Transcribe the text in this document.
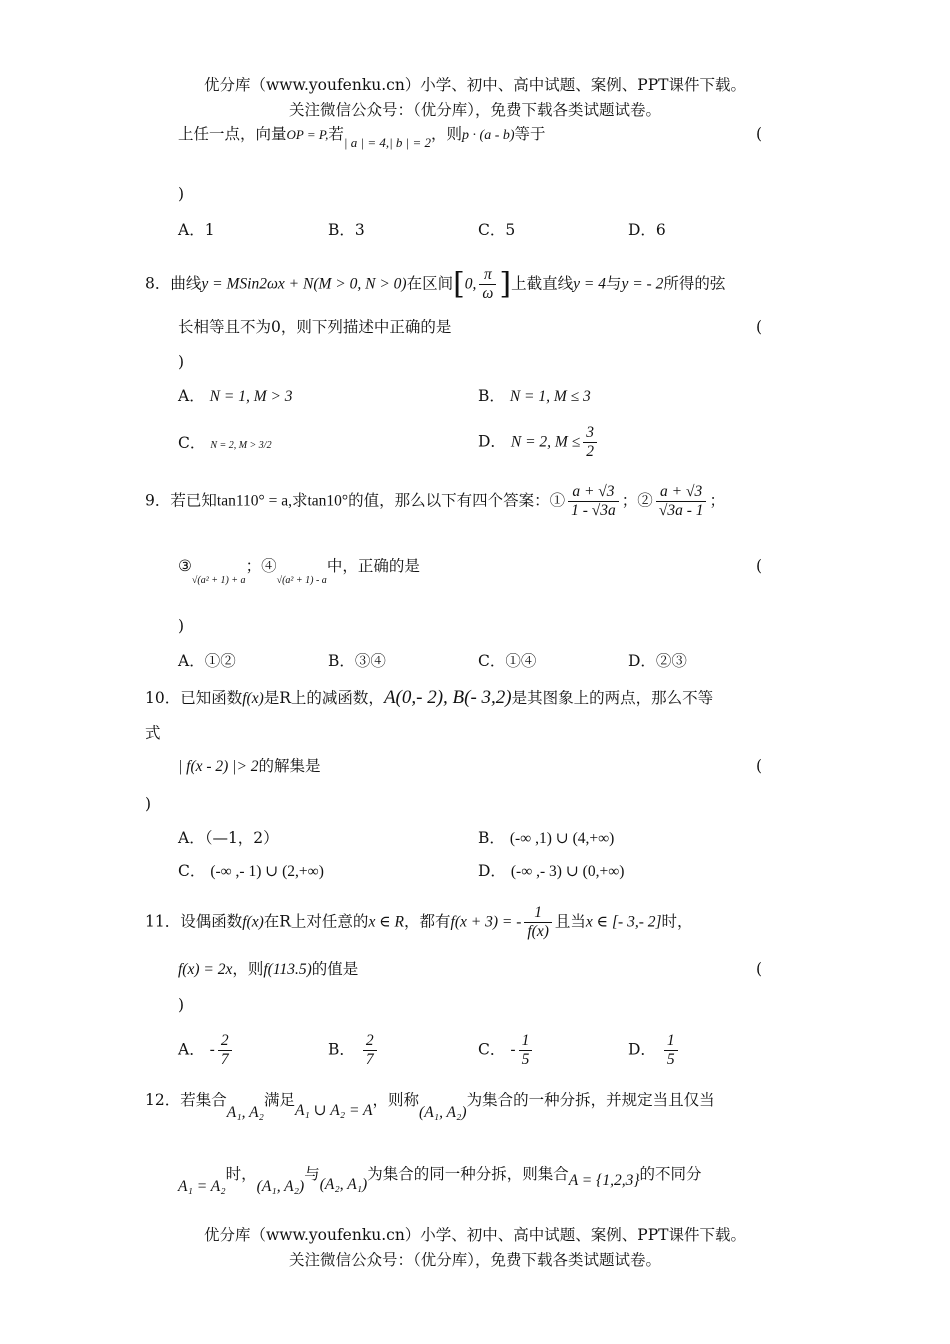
优分库（www.youfenku.cn）小学、初中、高中试题、案例、PPT课件下载。
关注微信公众号：（优分库），免费下载各类试题试卷。
上任一点，向量OP = P,若$_{| a | = 4,| b | = 2}$，则p · (a - b)等于	(
)
A．1	B．3	C．5	D．6
8．曲线y = MSin2ωx + N(M > 0, N > 0)在区间[0, $\frac{\pi}{\omega}$ ]上截直线y = 4与y = - 2所得的弦
长相等且不为0，则下列描述中正确的是	(
)
A． N = 1, M > 3	B． N = 1, M ≤ 3
C． N = 2, M > 3/2	D． N = 2, $M \le \frac{3}{2}$
9．若已知tan110° = a,求tan10°的值，那么以下有四个答案：① $\frac{a + √3}{1 - √3a}$ ；② $\frac{a + √3}{√3a - 1}$ ；
$③_{√(a^2 + 1) + a}$；$④_{√(a^2 + 1) - a}$中，正确的是	(
)
A．①②	B．③④	C．①④	D．②③
10．已知函数f(x)是R上的减函数，A(0,- 2), B(- 3,2)是其图象上的两点，那么不等
式
| f(x - 2) |> 2的解集是	(
)
A．（—1，2）	B． (-∞ ,1) ∪ (4,+∞)
C． (-∞ ,- 1) ∪ (2,+∞)	D． (-∞ ,- 3) ∪ (0,+∞)
11．设偶函数f(x)在R上对任意的x ∈ R，都有f(x + 3) = - $\frac{1}{f(x)}$ 且当x ∈ [- 3,- 2]时，
f(x) = 2x，则f(113.5)的值是	(
)
A． - $\frac{2}{7}$	B． $\frac{2}{7}$	C． - $\frac{1}{5}$	D． $\frac{1}{5}$
12．若集合A₁, A₂满足A₁ ∪ A₂ = A，则称(A₁, A₂)为集合的一种分拆，并规定当且仅当
A₁ = A₂时，(A₁, A₂)与(A₂, A₁)为集合的同一种分拆，则集合A = {1,2,3}的不同分
优分库（www.youfenku.cn）小学、初中、高中试题、案例、PPT课件下载。
关注微信公众号：（优分库），免费下载各类试题试卷。
